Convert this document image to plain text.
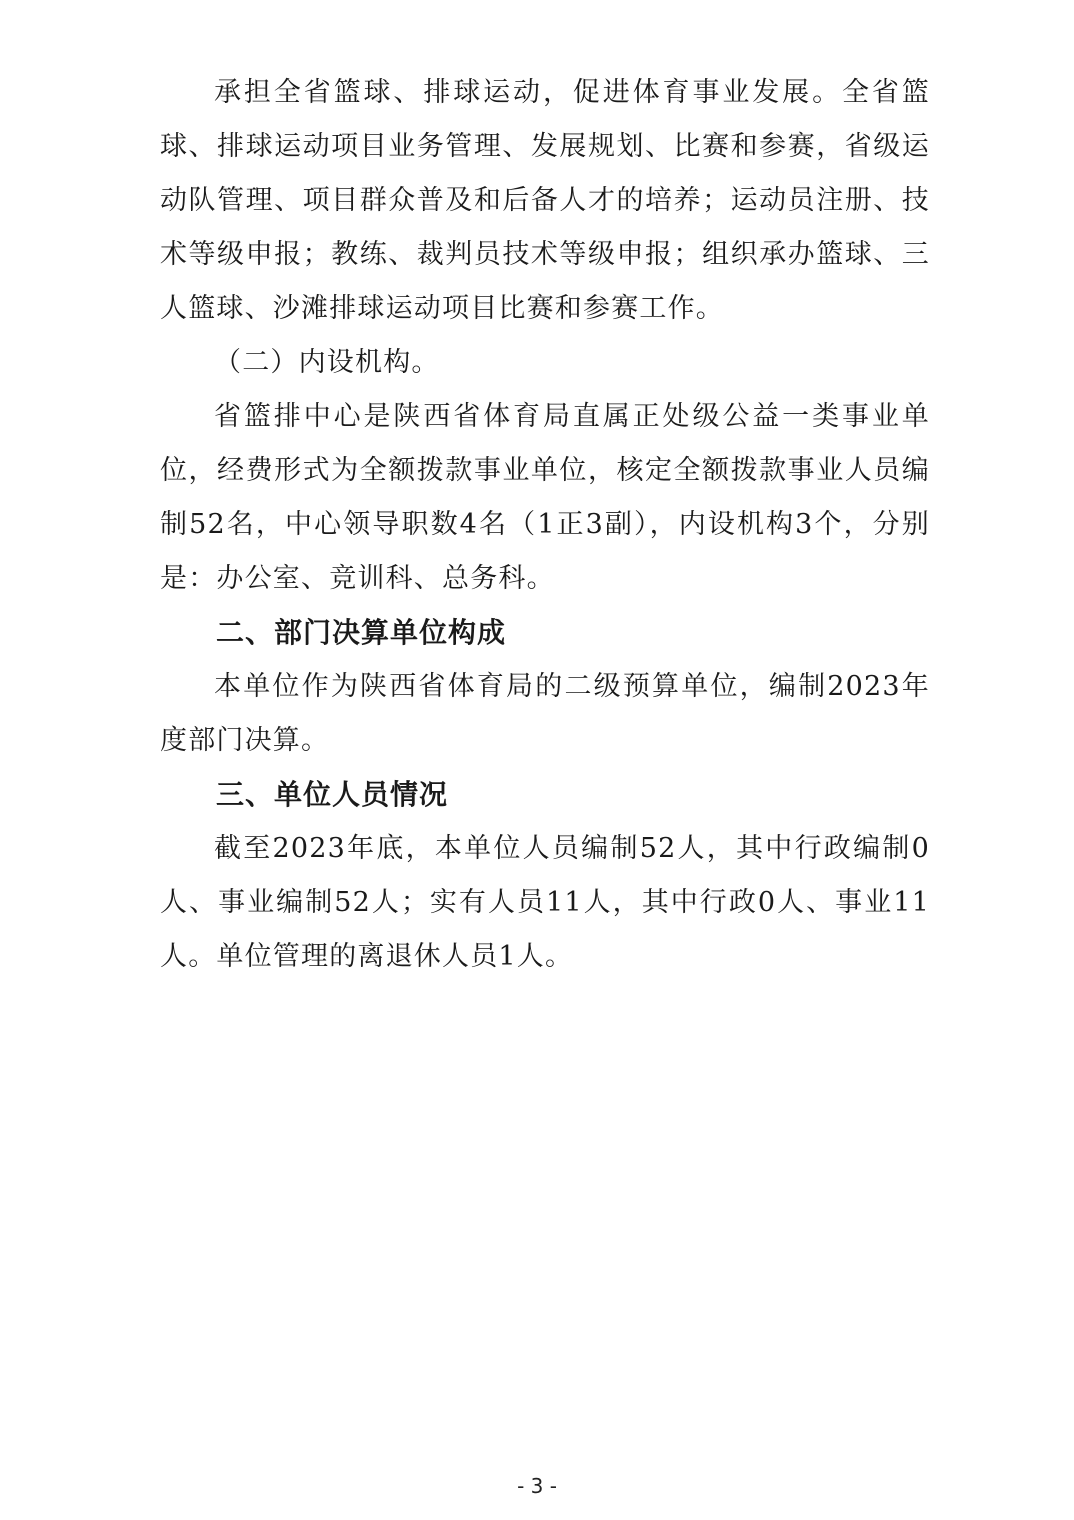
承担全省篮球、排球运动，促进体育事业发展。全省篮球、排球运动项目业务管理、发展规划、比赛和参赛，省级运动队管理、项目群众普及和后备人才的培养；运动员注册、技术等级申报；教练、裁判员技术等级申报；组织承办篮球、三人篮球、沙滩排球运动项目比赛和参赛工作。

（二）内设机构。

省篮排中心是陕西省体育局直属正处级公益一类事业单位，经费形式为全额拨款事业单位，核定全额拨款事业人员编制52名，中心领导职数4名（1正3副），内设机构3个，分别是：办公室、竞训科、总务科。

二、部门决算单位构成

本单位作为陕西省体育局的二级预算单位，编制2023年度部门决算。

三、单位人员情况

截至2023年底，本单位人员编制52人，其中行政编制0人、事业编制52人；实有人员11人，其中行政0人、事业11人。单位管理的离退休人员1人。

- 3 -
